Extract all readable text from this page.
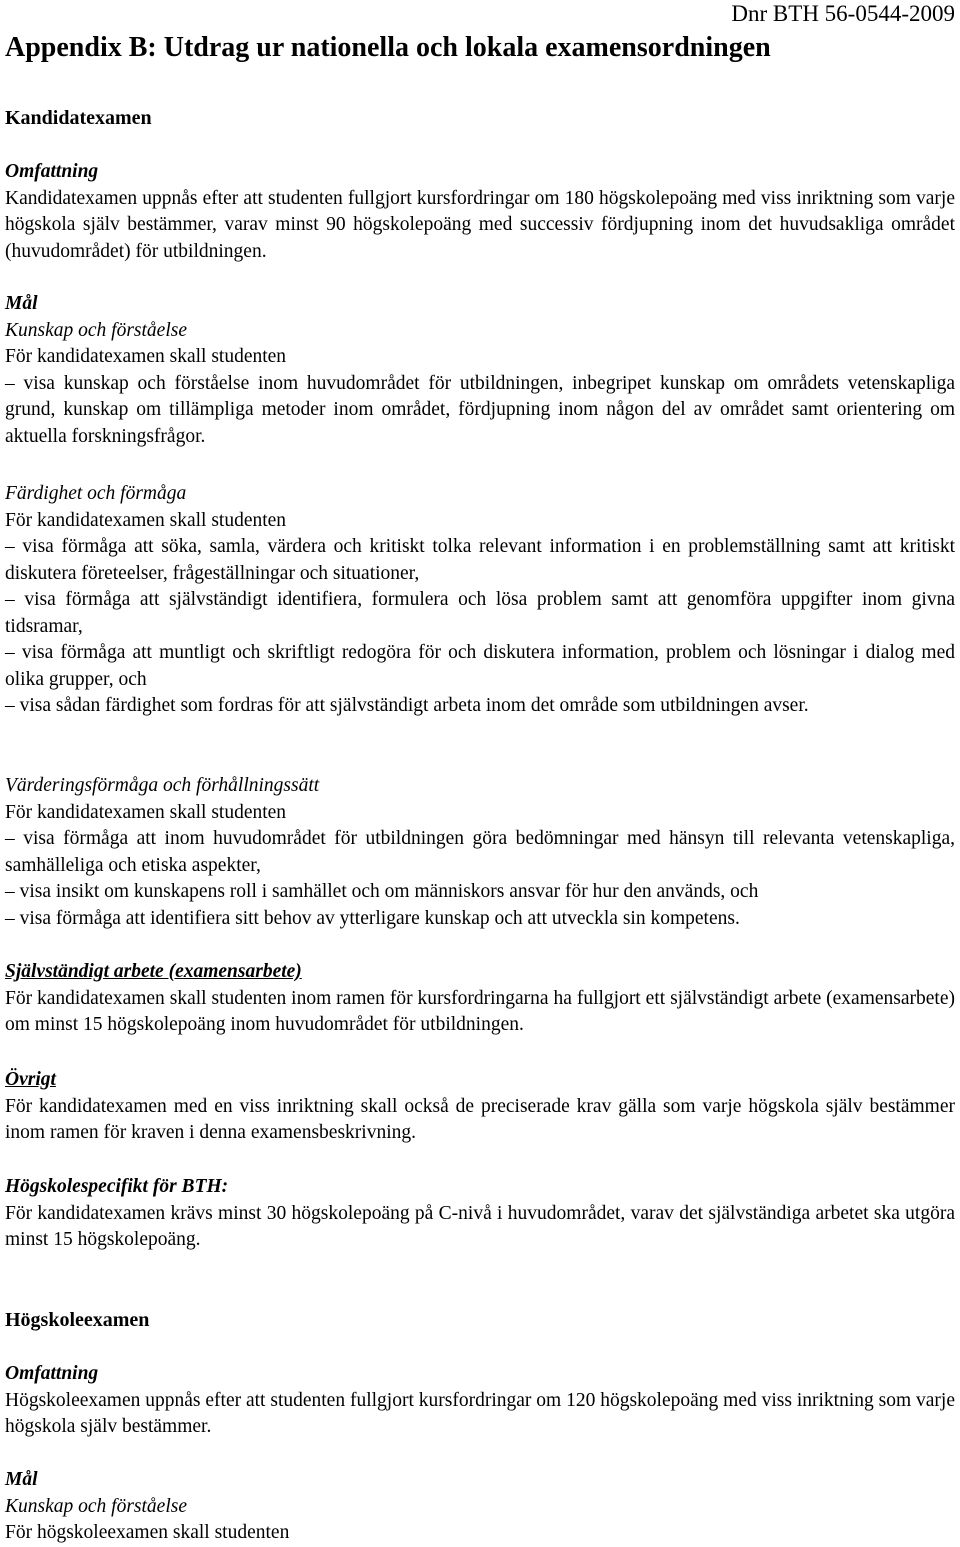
Dnr BTH 56-0544-2009
Appendix B: Utdrag ur nationella och lokala examensordningen
Kandidatexamen
Omfattning

Kandidatexamen uppnås efter att studenten fullgjort kursfordringar om 180 högskolepoäng med viss inriktning som varje högskola själv bestämmer, varav minst 90 högskolepoäng med successiv fördjupning inom det huvudsakliga området (huvudområdet) för utbildningen.

Mål
Kunskap och förståelse

För kandidatexamen skall studenten

– visa kunskap och förståelse inom huvudområdet för utbildningen, inbegripet kunskap om områdets vetenskapliga grund, kunskap om tillämpliga metoder inom området, fördjupning inom någon del av området samt orientering om aktuella forskningsfrågor.

Färdighet och förmåga

För kandidatexamen skall studenten

– visa förmåga att söka, samla, värdera och kritiskt tolka relevant information i en problemställning samt att kritiskt diskutera företeelser, frågeställningar och situationer,

– visa förmåga att självständigt identifiera, formulera och lösa problem samt att genomföra uppgifter inom givna tidsramar,

– visa förmåga att muntligt och skriftligt redogöra för och diskutera information, problem och lösningar i dialog med olika grupper, och

– visa sådan färdighet som fordras för att självständigt arbeta inom det område som utbildningen avser.

Värderingsförmåga och förhållningssätt

För kandidatexamen skall studenten

– visa förmåga att inom huvudområdet för utbildningen göra bedömningar med hänsyn till relevanta vetenskapliga, samhälleliga och etiska aspekter,

– visa insikt om kunskapens roll i samhället och om människors ansvar för hur den används, och

– visa förmåga att identifiera sitt behov av ytterligare kunskap och att utveckla sin kompetens.

Självständigt arbete (examensarbete)

För kandidatexamen skall studenten inom ramen för kursfordringarna ha fullgjort ett självständigt arbete (examensarbete) om minst 15 högskolepoäng inom huvudområdet för utbildningen.

Övrigt

För kandidatexamen med en viss inriktning skall också de preciserade krav gälla som varje högskola själv bestämmer inom ramen för kraven i denna examensbeskrivning.

Högskolespecifikt för BTH:

För kandidatexamen krävs minst 30 högskolepoäng på C-nivå i huvudområdet, varav det självständiga arbetet ska utgöra minst 15 högskolepoäng.

Högskoleexamen
Omfattning

Högskoleexamen uppnås efter att studenten fullgjort kursfordringar om 120 högskolepoäng med viss inriktning som varje högskola själv bestämmer.

Mål
Kunskap och förståelse

För högskoleexamen skall studenten
